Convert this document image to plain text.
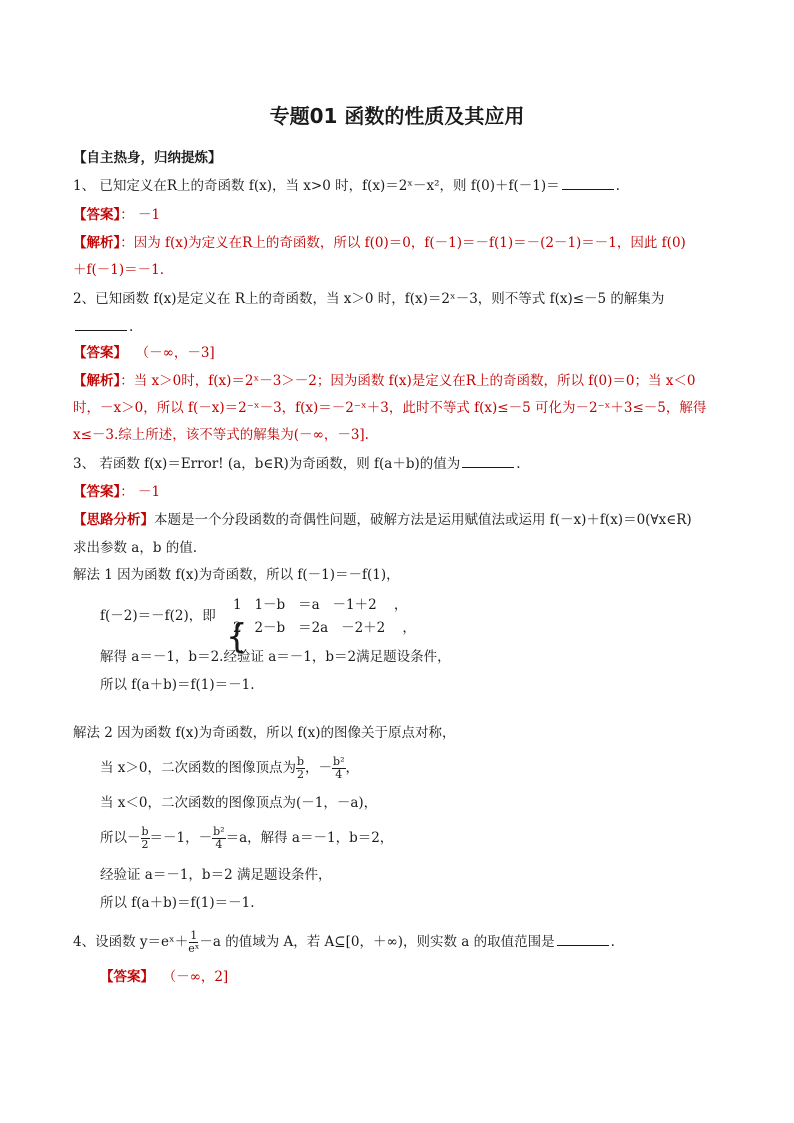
专题01 函数的性质及其应用
【自主热身，归纳提炼】
1、 已知定义在R上的奇函数 f(x)，当 x>0 时，f(x)＝2ˣ－x²，则 f(0)＋f(－1)＝	.
【答案】： －1
【解析】：因为 f(x)为定义在R上的奇函数，所以 f(0)＝0，f(－1)＝－f(1)＝－(2－1)＝－1，因此 f(0)
＋f(－1)＝－1.
2、已知函数 f(x)是定义在 R上的奇函数，当 x＞0 时，f(x)＝2ˣ－3，则不等式 f(x)≤－5 的解集为
.
【答案】 （－∞，－3]
【解析】：当 x＞0时，f(x)＝2ˣ－3＞－2；因为函数 f(x)是定义在R上的奇函数，所以 f(0)＝0；当 x＜0
时，－x＞0，所以 f(－x)＝2⁻ˣ－3，f(x)＝－2⁻ˣ＋3，此时不等式 f(x)≤－5 可化为－2⁻ˣ＋3≤－5，解得
x≤－3.综上所述，该不等式的解集为(－∞，－3].
3、 若函数 f(x)＝Error! (a，b∈R)为奇函数，则 f(a＋b)的值为	.
【答案】： －1
【思路分析】本题是一个分段函数的奇偶性问题，破解方法是运用赋值法或运用 f(－x)＋f(x)＝0(∀x∈R)
求出参数 a，b 的值.
解法 1 因为函数 f(x)为奇函数，所以 f(－1)＝－f(1)，
f(－2)＝－f(2)，即
{
1   1－b   ＝a   －1＋2    ，
2   2－b   ＝2a   －2＋2    ，
解得 a＝－1，b＝2.经验证 a＝－1，b＝2满足题设条件，
所以 f(a＋b)＝f(1)＝－1.
解法 2 因为函数 f(x)为奇函数，所以 f(x)的图像关于原点对称，
当 x＞0，二次函数的图像顶点为 $\frac{b}{2}$ ，－ $\frac{\text{b²}}{4}$ ，
当 x＜0，二次函数的图像顶点为(－1，－a)，
所以－ $\frac{b}{2} =-1$，－ $\frac{\text{b²}}{4} =a$，解得 a＝－1，b＝2，
经验证 a＝－1，b＝2 满足题设条件，
所以 f(a＋b)＝f(1)＝－1.
4、设函数 y＝eˣ＋ $\frac{1}{\text{eˣ}} -a$ 的值域为 A，若 A⊆[0，＋∞)，则实数 a 的取值范围是	.
【答案】 （－∞，2]
